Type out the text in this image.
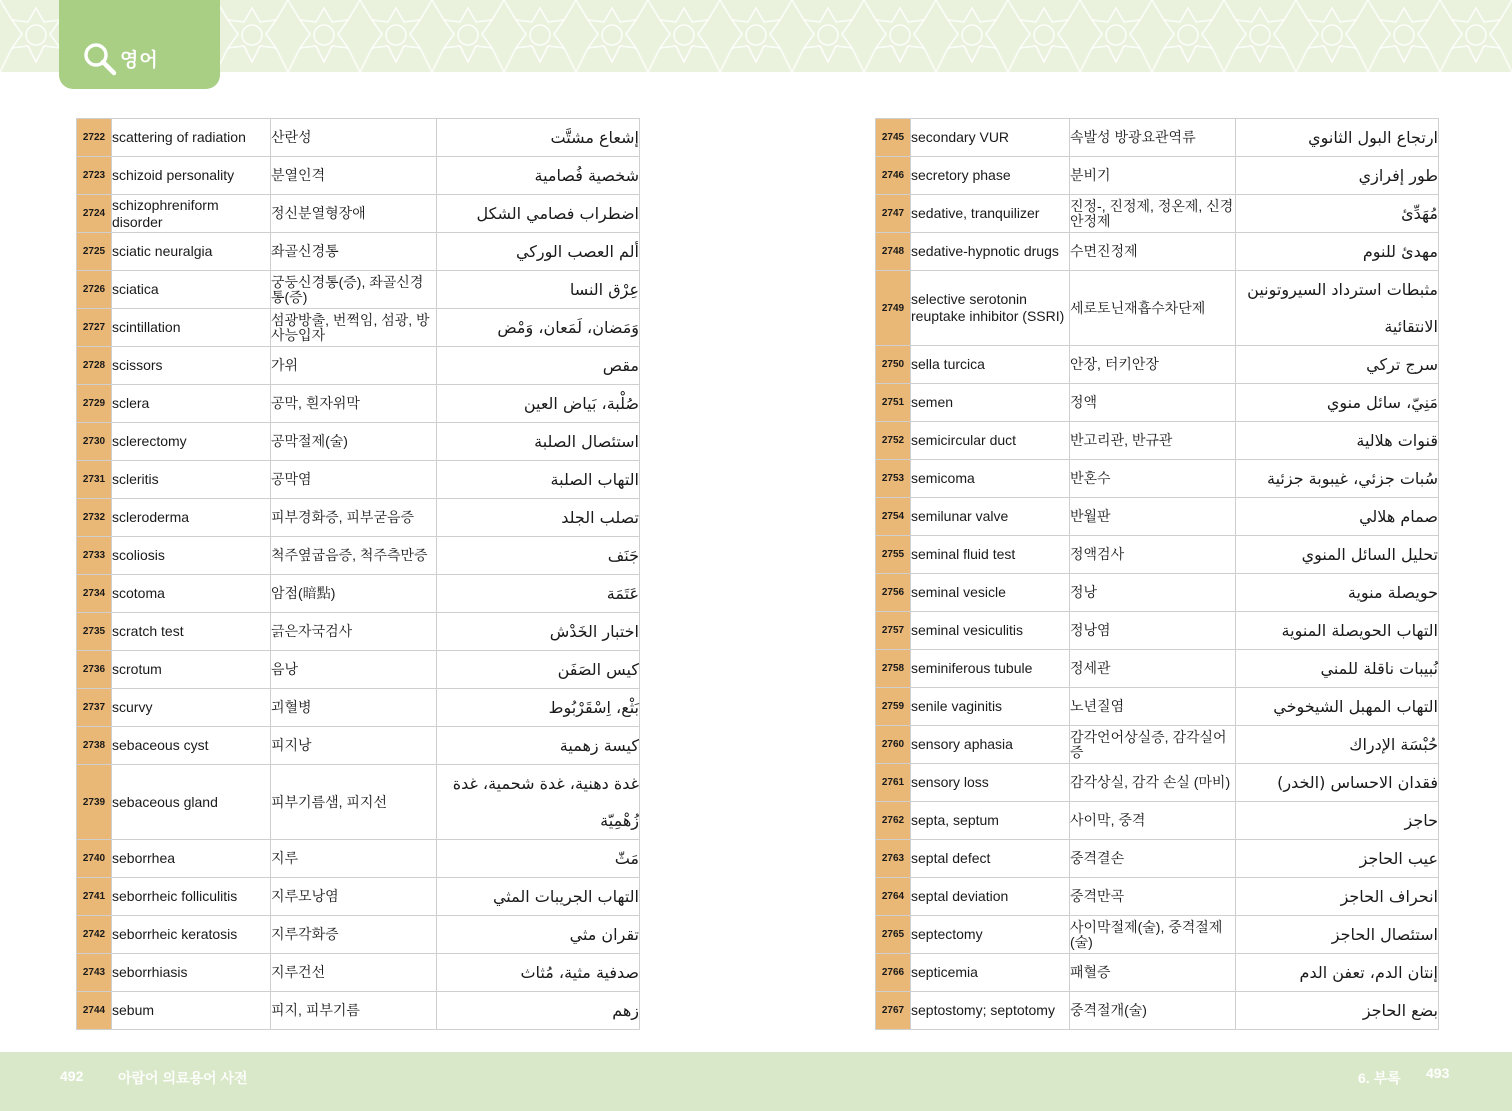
영어
2722	scattering of radiation	산란성	إشعاع مشتَّت
2723	schizoid personality	분열인격	شخصية فُصامية
2724	schizophreniform disorder	정신분열형장애	اضطراب فصامي الشكل
2725	sciatic neuralgia	좌골신경통	ألم العصب الوركي
2726	sciatica	궁둥신경통(증), 좌골신경통(증)	عِرْق النسا
2727	scintillation	섬광방출, 번쩍임, 섬광, 방사능입자	وَمَضان، لَمَعان، وَمْض
2728	scissors	가위	مقص
2729	sclera	공막, 흰자위막	صُلْبة، بَياض العين
2730	sclerectomy	공막절제(술)	استئصال الصلبة
2731	scleritis	공막염	التهاب الصلبة
2732	scleroderma	피부경화증, 피부굳음증	تصلب الجلد
2733	scoliosis	척주옆굽음증, 척주측만증	جَنَف
2734	scotoma	암점(暗點)	عَتَمَة
2735	scratch test	긁은자국검사	اختبار الخَدْش
2736	scrotum	음낭	كيس الصَفَن
2737	scurvy	괴혈병	بَثْع، اِسْقَرْبُوط
2738	sebaceous cyst	피지낭	كيسة زهمية
2739	sebaceous gland	피부기름샘, 피지선	غدة دهنية، غدة شحمية، غدة زُهْمِيّة
2740	seborrhea	지루	مَثّ
2741	seborrheic folliculitis	지루모낭염	التهاب الجريبات المثي
2742	seborrheic keratosis	지루각화증	تقران مثي
2743	seborrhiasis	지루건선	صدفية مثية، مُثاث
2744	sebum	피지, 피부기름	زهم
2745	secondary VUR	속발성 방광요관역류	ارتجاع البول الثانوي
2746	secretory phase	분비기	طور إفرازي
2747	sedative, tranquilizer	진정-, 진정제, 정온제, 신경안정제	مُهَدِّئ
2748	sedative-hypnotic drugs	수면진정제	مهدئ للنوم
2749	selective serotonin reuptake inhibitor (SSRI)	세로토닌재흡수차단제	مثبطات استرداد السيروتونين الانتقائية
2750	sella turcica	안장, 터키안장	سرج تركي
2751	semen	정액	مَنِيّ، سائل منوي
2752	semicircular duct	반고리관, 반규관	قنوات هلالية
2753	semicoma	반혼수	سُبات جزئي، غيبوبة جزئية
2754	semilunar valve	반월판	صمام هلالي
2755	seminal fluid test	정액검사	تحليل السائل المنوي
2756	seminal vesicle	정낭	حويصلة منوية
2757	seminal vesiculitis	정낭염	التهاب الحويصلة المنوية
2758	seminiferous tubule	정세관	نُبيبات ناقلة للمني
2759	senile vaginitis	노년질염	التهاب المهبل الشيخوخي
2760	sensory aphasia	감각언어상실증, 감각실어증	حُبْسَة الإدراك
2761	sensory loss	감각상실, 감각 손실 (마비)	فقدان الاحساس (الخدر)
2762	septa, septum	사이막, 중격	حاجز
2763	septal defect	중격결손	عيب الحاجز
2764	septal deviation	중격만곡	انحراف الحاجز
2765	septectomy	사이막절제(술), 중격절제(술)	استئصال الحاجز
2766	septicemia	패혈증	إنتان الدم، تعفن الدم
2767	septostomy; septotomy	중격절개(술)	بضع الحاجز
492 아랍어 의료용어 사전	6. 부록 493
